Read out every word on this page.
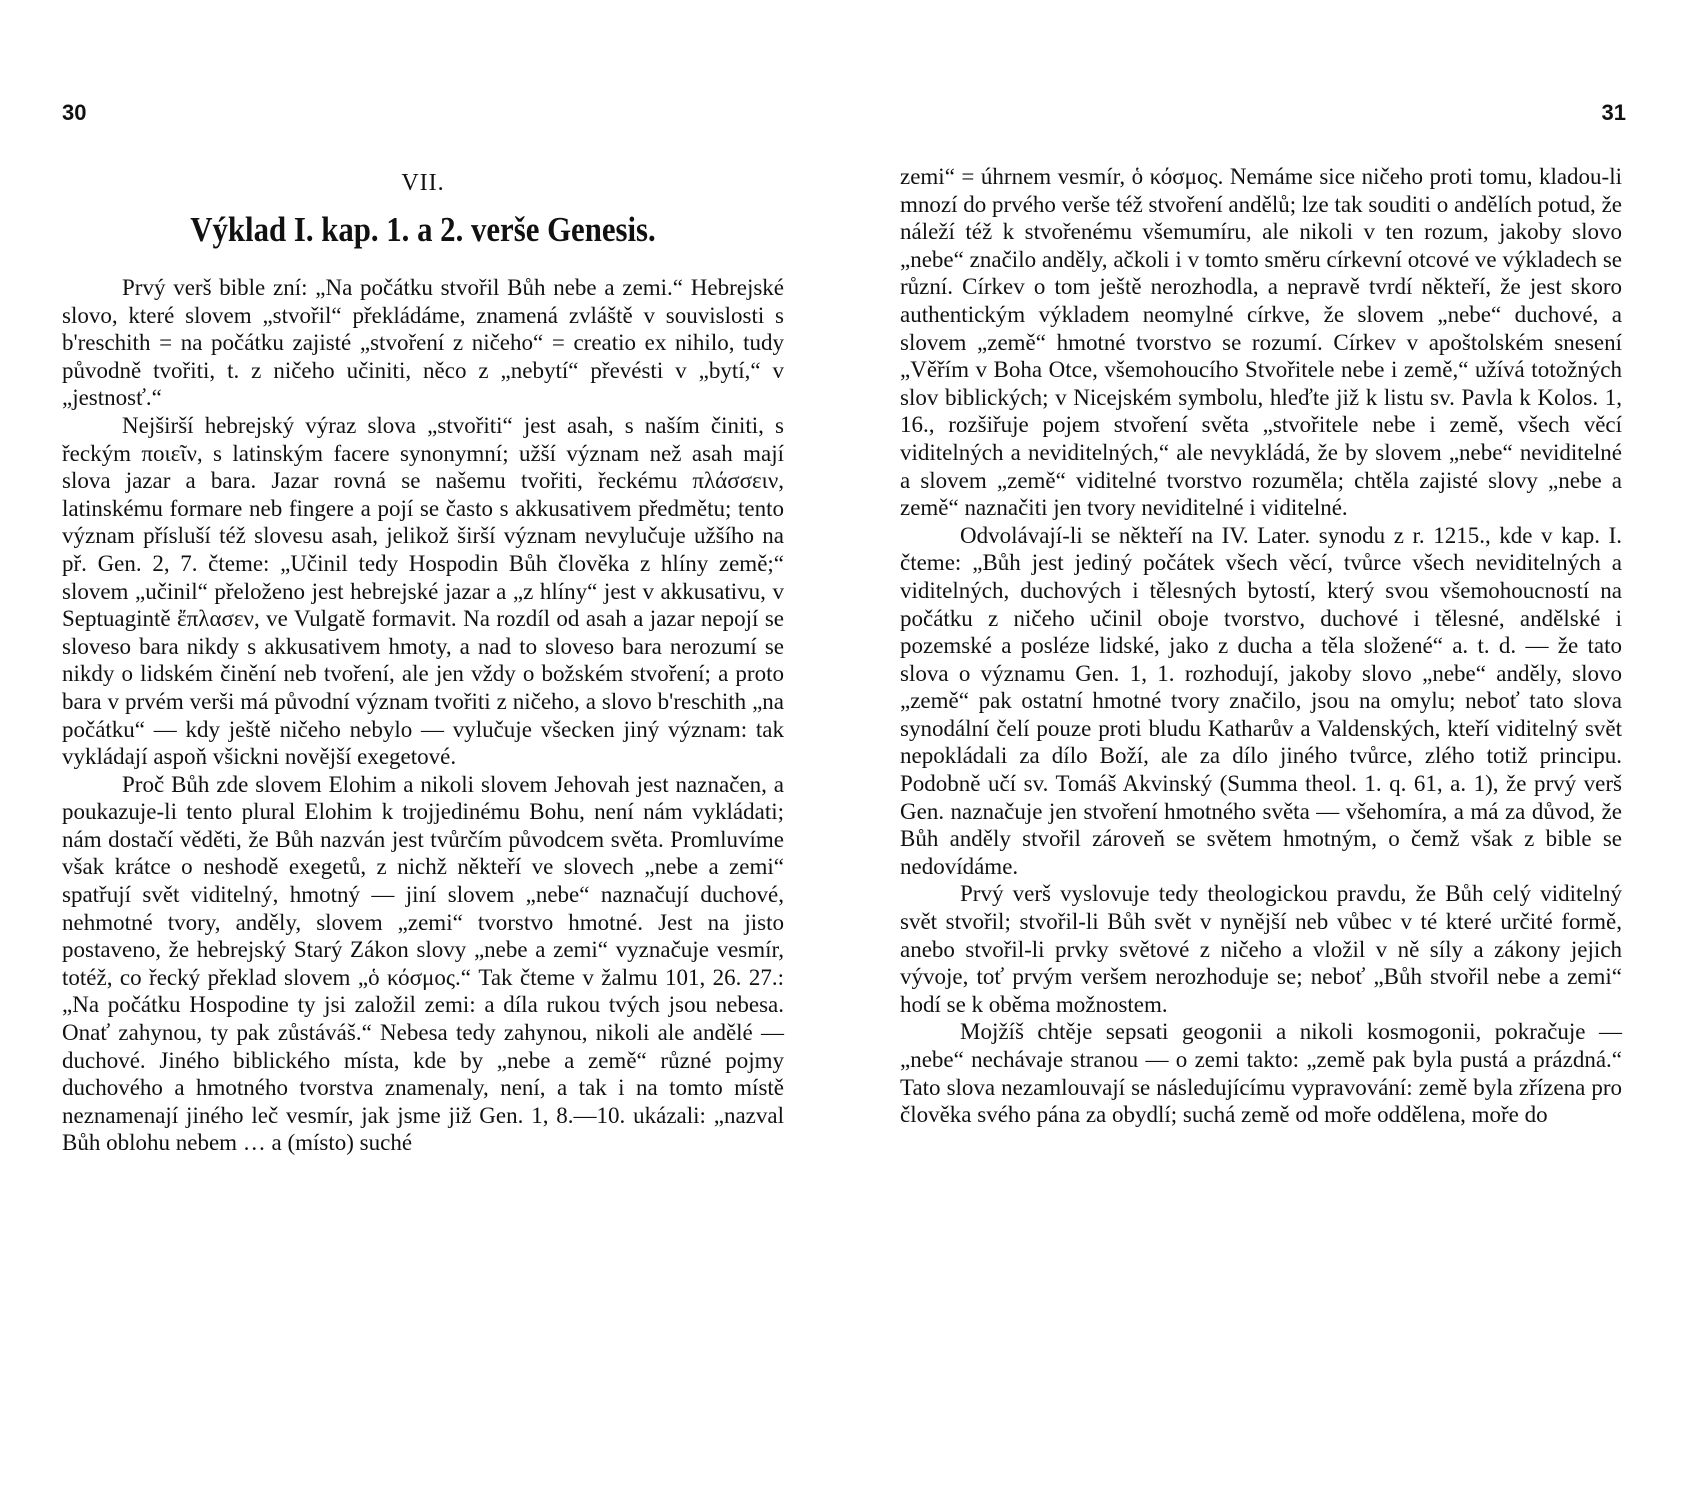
30
VII.
Výklad I. kap. 1. a 2. verše Genesis.

Prvý verš bible zní: „Na počátku stvořil Bůh nebe a zemi.“ Hebrejské slovo, které slovem „stvořil“ překládáme, znamená zvláště v souvislosti s b'reschith = na počátku zajisté „stvoření z ničeho“ = creatio ex nihilo, tudy původně tvořiti, t. z ničeho učiniti, něco z „nebytí“ převésti v „bytí,“ v „jestnosť.“

Nejširší hebrejský výraz slova „stvořiti“ jest asah, s naším činiti, s řeckým ποιεῖν, s latinským facere synonymní; užší význam než asah mají slova jazar a bara. Jazar rovná se našemu tvořiti, řeckému πλάσσειν, latinskému formare neb fingere a pojí se často s akkusativem předmětu; tento význam přísluší též slovesu asah, jelikož širší význam nevylučuje užšího na př. Gen. 2, 7. čteme: „Učinil tedy Hospodin Bůh člověka z hlíny země;“ slovem „učinil“ přeloženo jest hebrejské jazar a „z hlíny“ jest v akkusativu, v Septuagintě ἔπλασεν, ve Vulgatě formavit. Na rozdíl od asah a jazar nepojí se sloveso bara nikdy s akkusativem hmoty, a nad to sloveso bara nerozumí se nikdy o lidském činění neb tvoření, ale jen vždy o božském stvoření; a proto bara v prvém verši má původní význam tvořiti z ničeho, a slovo b'reschith „na počátku“ — kdy ještě ničeho nebylo — vylučuje všecken jiný význam: tak vykládají aspoň všickni novější exegetové.

Proč Bůh zde slovem Elohim a nikoli slovem Jehovah jest naznačen, a poukazuje-li tento plural Elohim k trojjedinému Bohu, není nám vykládati; nám dostačí věděti, že Bůh nazván jest tvůrčím původcem světa. Promluvíme však krátce o neshodě exegetů, z nichž někteří ve slovech „nebe a zemi“ spatřují svět viditelný, hmotný — jiní slovem „nebe“ naznačují duchové, nehmotné tvory, anděly, slovem „zemi“ tvorstvo hmotné. Jest na jisto postaveno, že hebrejský Starý Zákon slovy „nebe a zemi“ vyznačuje vesmír, totéž, co řecký překlad slovem „ὁ κόσμος.“ Tak čteme v žalmu 101, 26. 27.: „Na počátku Hospodine ty jsi založil zemi: a díla rukou tvých jsou nebesa. Onať zahynou, ty pak zůstáváš.“ Nebesa tedy zahynou, nikoli ale andělé — duchové. Jiného biblického místa, kde by „nebe a země“ různé pojmy duchového a hmotného tvorstva znamenaly, není, a tak i na tomto místě neznamenají jiného leč vesmír, jak jsme již Gen. 1, 8.—10. ukázali: „nazval Bůh oblohu nebem … a (místo) suché

31

zemi“ = úhrnem vesmír, ὁ κόσμος. Nemáme sice ničeho proti tomu, kladou-li mnozí do prvého verše též stvoření andělů; lze tak souditi o andělích potud, že náleží též k stvořenému všemumíru, ale nikoli v ten rozum, jakoby slovo „nebe“ značilo anděly, ačkoli i v tomto směru církevní otcové ve výkladech se různí. Církev o tom ještě nerozhodla, a nepravě tvrdí někteří, že jest skoro authentickým výkladem neomylné církve, že slovem „nebe“ duchové, a slovem „země“ hmotné tvorstvo se rozumí. Církev v apoštolském snesení „Věřím v Boha Otce, všemohoucího Stvořitele nebe i země,“ užívá totožných slov biblických; v Nicejském symbolu, hleďte již k listu sv. Pavla k Kolos. 1, 16., rozšiřuje pojem stvoření světa „stvořitele nebe i země, všech věcí viditelných a neviditelných,“ ale nevykládá, že by slovem „nebe“ neviditelné a slovem „země“ viditelné tvorstvo rozuměla; chtěla zajisté slovy „nebe a země“ naznačiti jen tvory neviditelné i viditelné.

Odvolávají-li se někteří na IV. Later. synodu z r. 1215., kde v kap. I. čteme: „Bůh jest jediný počátek všech věcí, tvůrce všech neviditelných a viditelných, duchových i tělesných bytostí, který svou všemohoucností na počátku z ničeho učinil oboje tvorstvo, duchové i tělesné, andělské i pozemské a posléze lidské, jako z ducha a těla složené“ a. t. d. — že tato slova o významu Gen. 1, 1. rozhodují, jakoby slovo „nebe“ anděly, slovo „země“ pak ostatní hmotné tvory značilo, jsou na omylu; neboť tato slova synodální čelí pouze proti bludu Katharův a Valdenských, kteří viditelný svět nepokládali za dílo Boží, ale za dílo jiného tvůrce, zlého totiž principu. Podobně učí sv. Tomáš Akvinský (Summa theol. 1. q. 61, a. 1), že prvý verš Gen. naznačuje jen stvoření hmotného světa — všehomíra, a má za důvod, že Bůh anděly stvořil zároveň se světem hmotným, o čemž však z bible se nedovídáme.

Prvý verš vyslovuje tedy theologickou pravdu, že Bůh celý viditelný svět stvořil; stvořil-li Bůh svět v nynější neb vůbec v té které určité formě, anebo stvořil-li prvky světové z ničeho a vložil v ně síly a zákony jejich vývoje, toť prvým veršem nerozhoduje se; neboť „Bůh stvořil nebe a zemi“ hodí se k oběma možnostem.

Mojžíš chtěje sepsati geogonii a nikoli kosmogonii, pokračuje — „nebe“ nechávaje stranou — o zemi takto: „země pak byla pustá a prázdná.“ Tato slova nezamlouvají se následujícímu vypravování: země byla zřízena pro člověka svého pána za obydlí; suchá země od moře oddělena, moře do
